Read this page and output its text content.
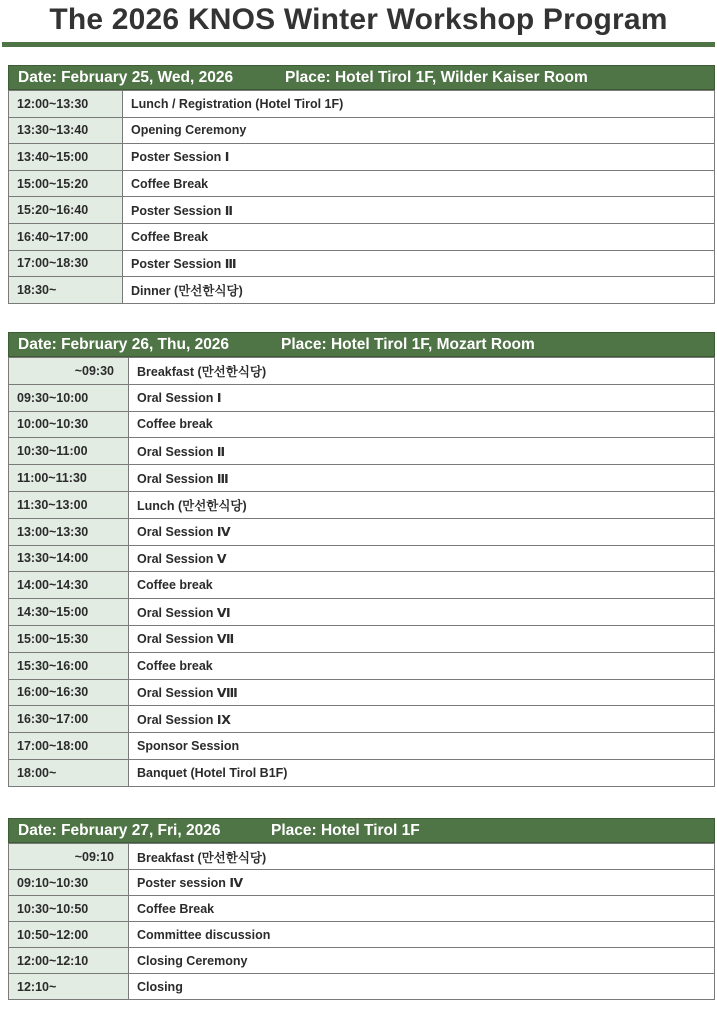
The 2026 KNOS Winter Workshop Program
Date: February 25, Wed, 2026	Place: Hotel Tirol 1F, Wilder Kaiser Room
12:00~13:30	Lunch / Registration (Hotel Tirol 1F)
13:30~13:40	Opening Ceremony
13:40~15:00	Poster Session Ⅰ
15:00~15:20	Coffee Break
15:20~16:40	Poster Session Ⅱ
16:40~17:00	Coffee Break
17:00~18:30	Poster Session Ⅲ
18:30~	Dinner (만선한식당)
Date: February 26, Thu, 2026	Place: Hotel Tirol 1F, Mozart Room
~09:30	Breakfast (만선한식당)
09:30~10:00	Oral Session Ⅰ
10:00~10:30	Coffee break
10:30~11:00	Oral Session Ⅱ
11:00~11:30	Oral Session Ⅲ
11:30~13:00	Lunch (만선한식당)
13:00~13:30	Oral Session Ⅳ
13:30~14:00	Oral Session Ⅴ
14:00~14:30	Coffee break
14:30~15:00	Oral Session Ⅵ
15:00~15:30	Oral Session Ⅶ
15:30~16:00	Coffee break
16:00~16:30	Oral Session Ⅷ
16:30~17:00	Oral Session Ⅸ
17:00~18:00	Sponsor Session
18:00~	Banquet (Hotel Tirol B1F)
Date: February 27, Fri, 2026	Place: Hotel Tirol 1F
~09:10	Breakfast (만선한식당)
09:10~10:30	Poster session Ⅳ
10:30~10:50	Coffee Break
10:50~12:00	Committee discussion
12:00~12:10	Closing Ceremony
12:10~	Closing
